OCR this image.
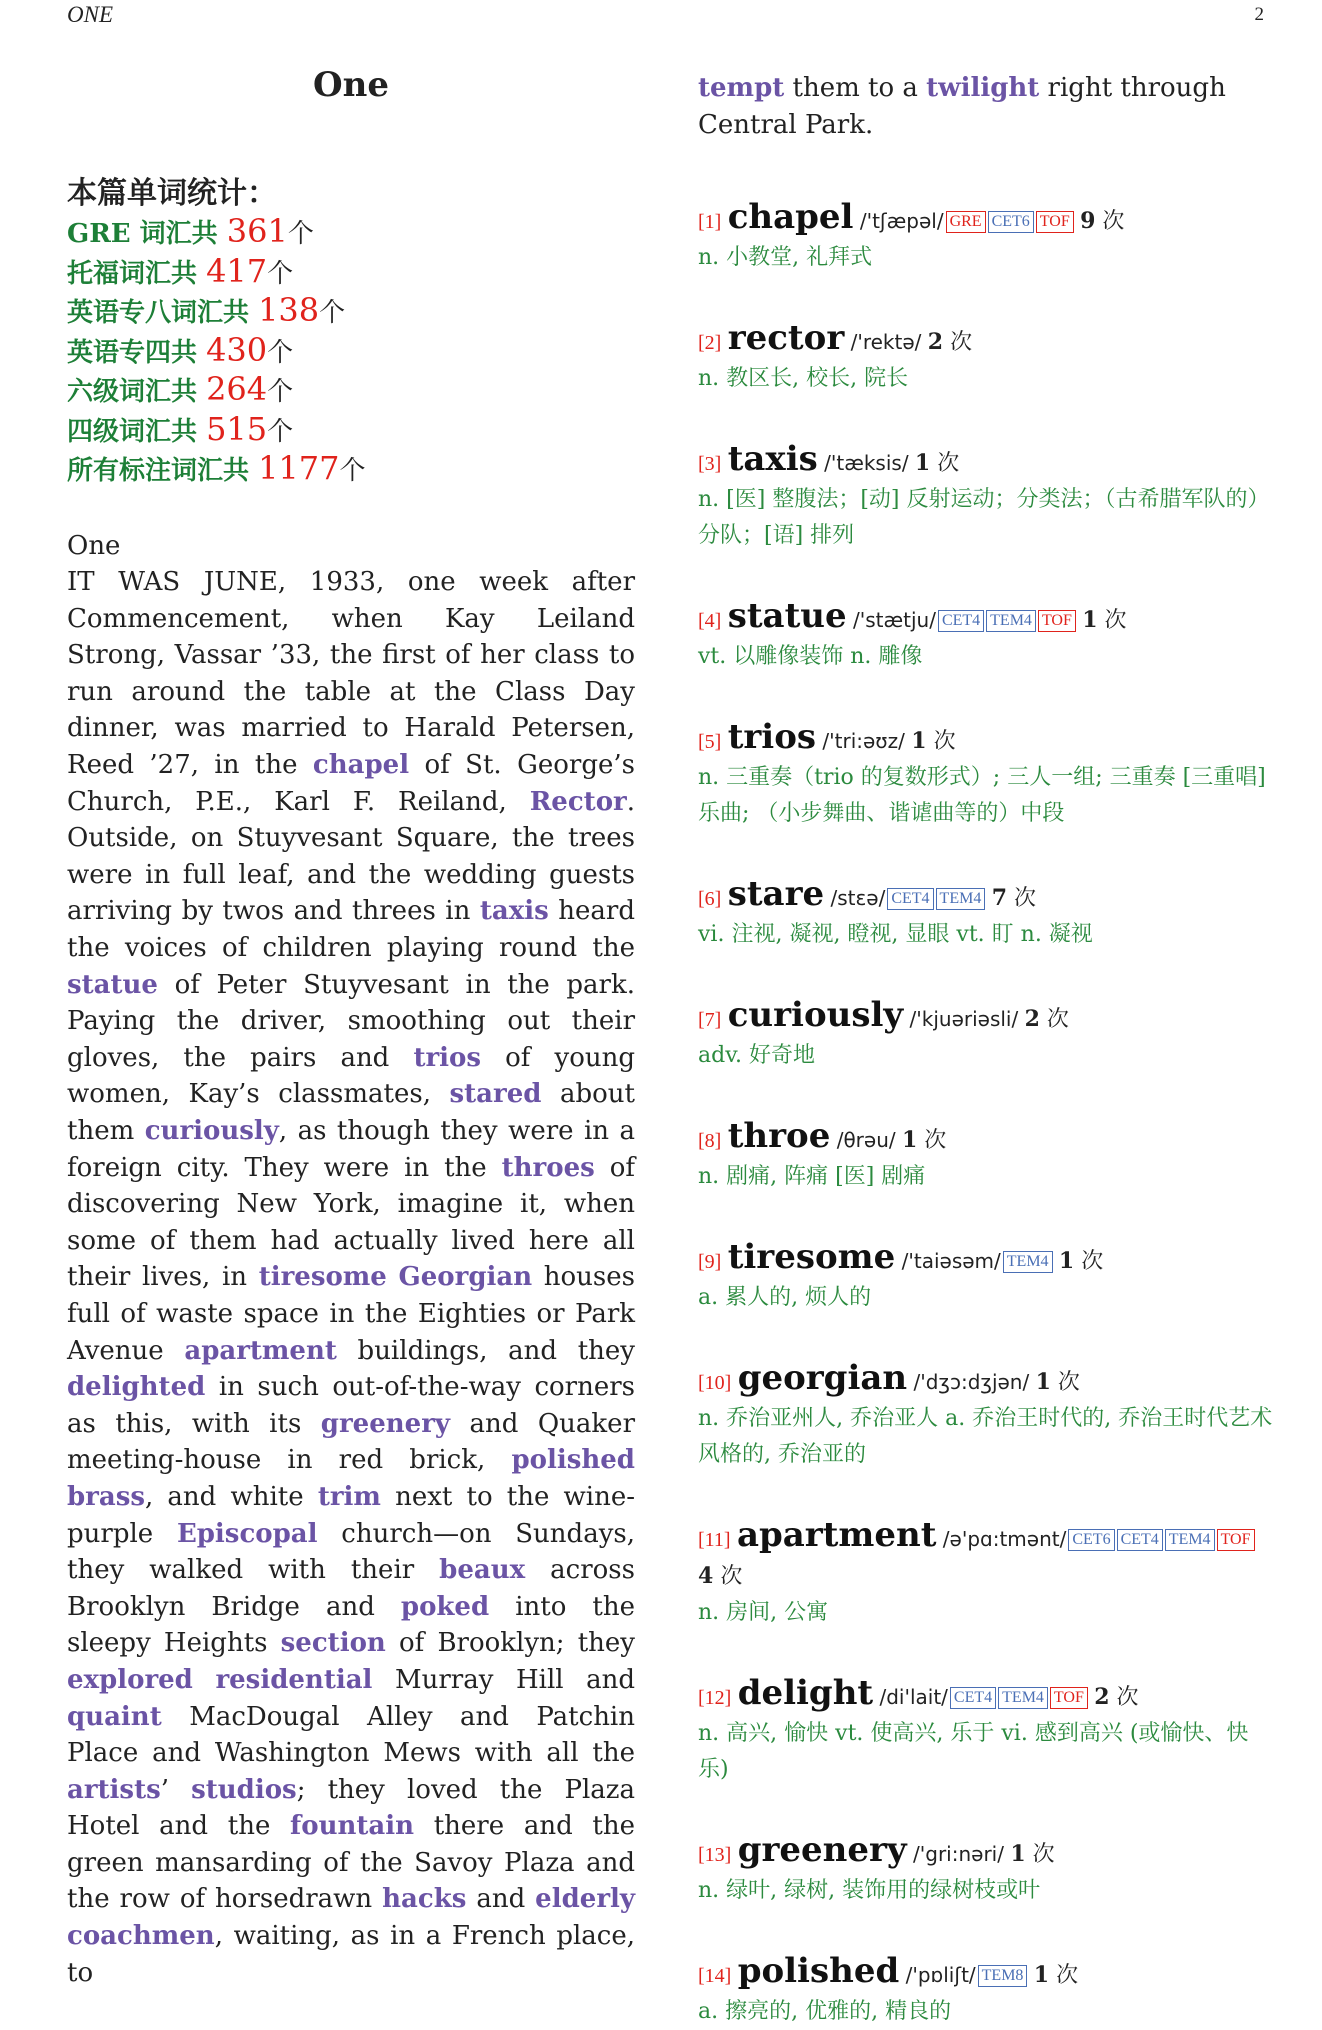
ONE	2
One
本篇单词统计：
GRE 词汇共 361个
托福词汇共 417个
英语专八词汇共 138个
英语专四共 430个
六级词汇共 264个
四级词汇共 515个
所有标注词汇共 1177个

One

IT WAS JUNE, 1933, one week after Commencement, when Kay Leiland Strong, Vassar ’33, the first of her class to run around the table at the Class Day dinner, was married to Harald Petersen, Reed ’27, in the chapel of St. George’s Church, P.E., Karl F. Reiland, Rector. Outside, on Stuyvesant Square, the trees were in full leaf, and the wedding guests arriving by twos and threes in taxis heard the voices of children playing round the statue of Peter Stuyvesant in the park. Paying the driver, smoothing out their gloves, the pairs and trios of young women, Kay’s classmates, stared about them curiously, as though they were in a foreign city. They were in the throes of discovering New York, imagine it, when some of them had actually lived here all their lives, in tiresome Georgian houses full of waste space in the Eighties or Park Avenue apartment buildings, and they delighted in such out-of-the-way corners as this, with its greenery and Quaker meeting-house in red brick, polished brass, and white trim next to the wine-purple Episcopal church—on Sundays, they walked with their beaux across Brooklyn Bridge and poked into the sleepy Heights section of Brooklyn; they explored residential Murray Hill and quaint MacDougal Alley and Patchin Place and Washington Mews with all the artists’ studios; they loved the Plaza Hotel and the fountain there and the green mansarding of the Savoy Plaza and the row of horsedrawn hacks and elderly coachmen, waiting, as in a French place, to

tempt them to a twilight right through Central Park.
[1] chapel /'tʃæpəl/ GRE CET6 TOF 9 次
n. 小教堂, 礼拜式
[2] rector /'rektə/ 2 次
n. 教区长, 校长, 院长
[3] taxis /'tæksis/ 1 次
n. [医] 整腹法；[动] 反射运动；分类法；（古希腊军队的）分队；[语] 排列
[4] statue /'stætju/ CET4 TEM4 TOF 1 次
vt. 以雕像装饰 n. 雕像
[5] trios /'tri:əʊz/ 1 次
n. 三重奏（trio 的复数形式）; 三人一组; 三重奏 [三重唱] 乐曲; （小步舞曲、谐谑曲等的）中段
[6] stare /stɛə/ CET4 TEM4 7 次
vi. 注视, 凝视, 瞪视, 显眼 vt. 盯 n. 凝视
[7] curiously /'kjuəriəsli/ 2 次
adv. 好奇地
[8] throe /θrəu/ 1 次
n. 剧痛, 阵痛 [医] 剧痛
[9] tiresome /'taiəsəm/ TEM4 1 次
a. 累人的, 烦人的
[10] georgian /'dʒɔ:dʒjən/ 1 次
n. 乔治亚州人, 乔治亚人 a. 乔治王时代的, 乔治王时代艺术风格的, 乔治亚的
[11] apartment /ə'pɑ:tmənt/ CET6 CET4 TEM4 TOF 4 次
n. 房间, 公寓
[12] delight /di'lait/ CET4 TEM4 TOF 2 次
n. 高兴, 愉快 vt. 使高兴, 乐于 vi. 感到高兴 (或愉快、快乐)
[13] greenery /'gri:nəri/ 1 次
n. 绿叶, 绿树, 装饰用的绿树枝或叶
[14] polished /'pɒliʃt/ TEM8 1 次
a. 擦亮的, 优雅的, 精良的
